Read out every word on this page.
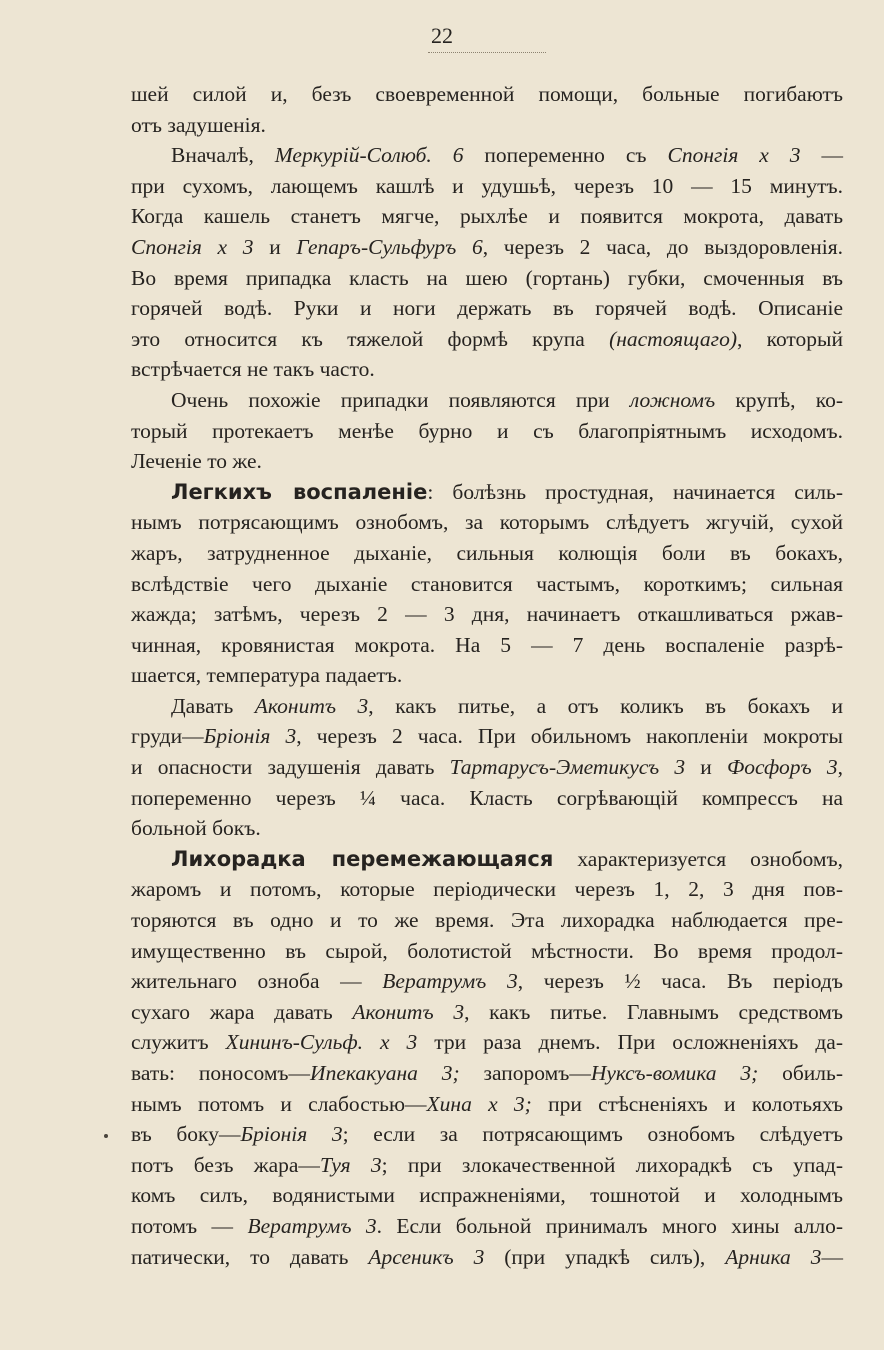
22
шей силой и, безъ своевременной помощи, больные погибаютъ
отъ задушенія.
Вначалѣ, Меркурій-Солюб. 6 попеременно съ Спонгія х 3 —
при сухомъ, лающемъ кашлѣ и удушьѣ, черезъ 10 — 15 минутъ.
Когда кашель станетъ мягче, рыхлѣе и появится мокрота, давать
Спонгія х 3 и Гепаръ-Сульфуръ 6, черезъ 2 часа, до выздоровленія.
Во время припадка класть на шею (гортань) губки, смоченныя въ
горячей водѣ. Руки и ноги держать въ горячей водѣ. Описаніе
это относится къ тяжелой формѣ крупа (настоящаго), который
встрѣчается не такъ часто.
Очень похожіе припадки появляются при ложномъ крупѣ, ко-
торый протекаетъ менѣе бурно и съ благопріятнымъ исходомъ.
Леченіе то же.
Легкихъ воспаленіе: болѣзнь простудная, начинается силь-
нымъ потрясающимъ ознобомъ, за которымъ слѣдуетъ жгучій, сухой
жаръ, затрудненное дыханіе, сильныя колющія боли въ бокахъ,
вслѣдствіе чего дыханіе становится частымъ, короткимъ; сильная
жажда; затѣмъ, черезъ 2 — 3 дня, начинаетъ откашливаться ржав-
чинная, кровянистая мокрота. На 5 — 7 день воспаленіе разрѣ-
шается, температура падаетъ.
Давать Аконитъ 3, какъ питье, а отъ коликъ въ бокахъ и
груди—Бріонія 3, черезъ 2 часа. При обильномъ накопленіи мокроты
и опасности задушенія давать Тартарусъ-Эметикусъ 3 и Фосфоръ 3,
попеременно черезъ ¼ часа. Класть согрѣвающій компрессъ на
больной бокъ.
Лихорадка перемежающаяся характеризуется ознобомъ,
жаромъ и потомъ, которые періодически черезъ 1, 2, 3 дня пов-
торяются въ одно и то же время. Эта лихорадка наблюдается пре-
имущественно въ сырой, болотистой мѣстности. Во время продол-
жительнаго озноба — Вератрумъ 3, черезъ ½ часа. Въ періодъ
сухаго жара давать Аконитъ 3, какъ питье. Главнымъ средствомъ
служитъ Хининъ-Сульф. х 3 три раза днемъ. При осложненіяхъ да-
вать: поносомъ—Ипекакуана 3; запоромъ—Нуксъ-вомика 3; обиль-
нымъ потомъ и слабостью—Хина х 3; при стѣсненіяхъ и колотьяхъ
въ боку—Бріонія 3; если за потрясающимъ ознобомъ слѣдуетъ
потъ безъ жара—Туя 3; при злокачественной лихорадкѣ съ упад-
комъ силъ, водянистыми испражненіями, тошнотой и холоднымъ
потомъ — Вератрумъ 3. Если больной принималъ много хины алло-
патически, то давать Арсеникъ 3 (при упадкѣ силъ), Арника 3—
